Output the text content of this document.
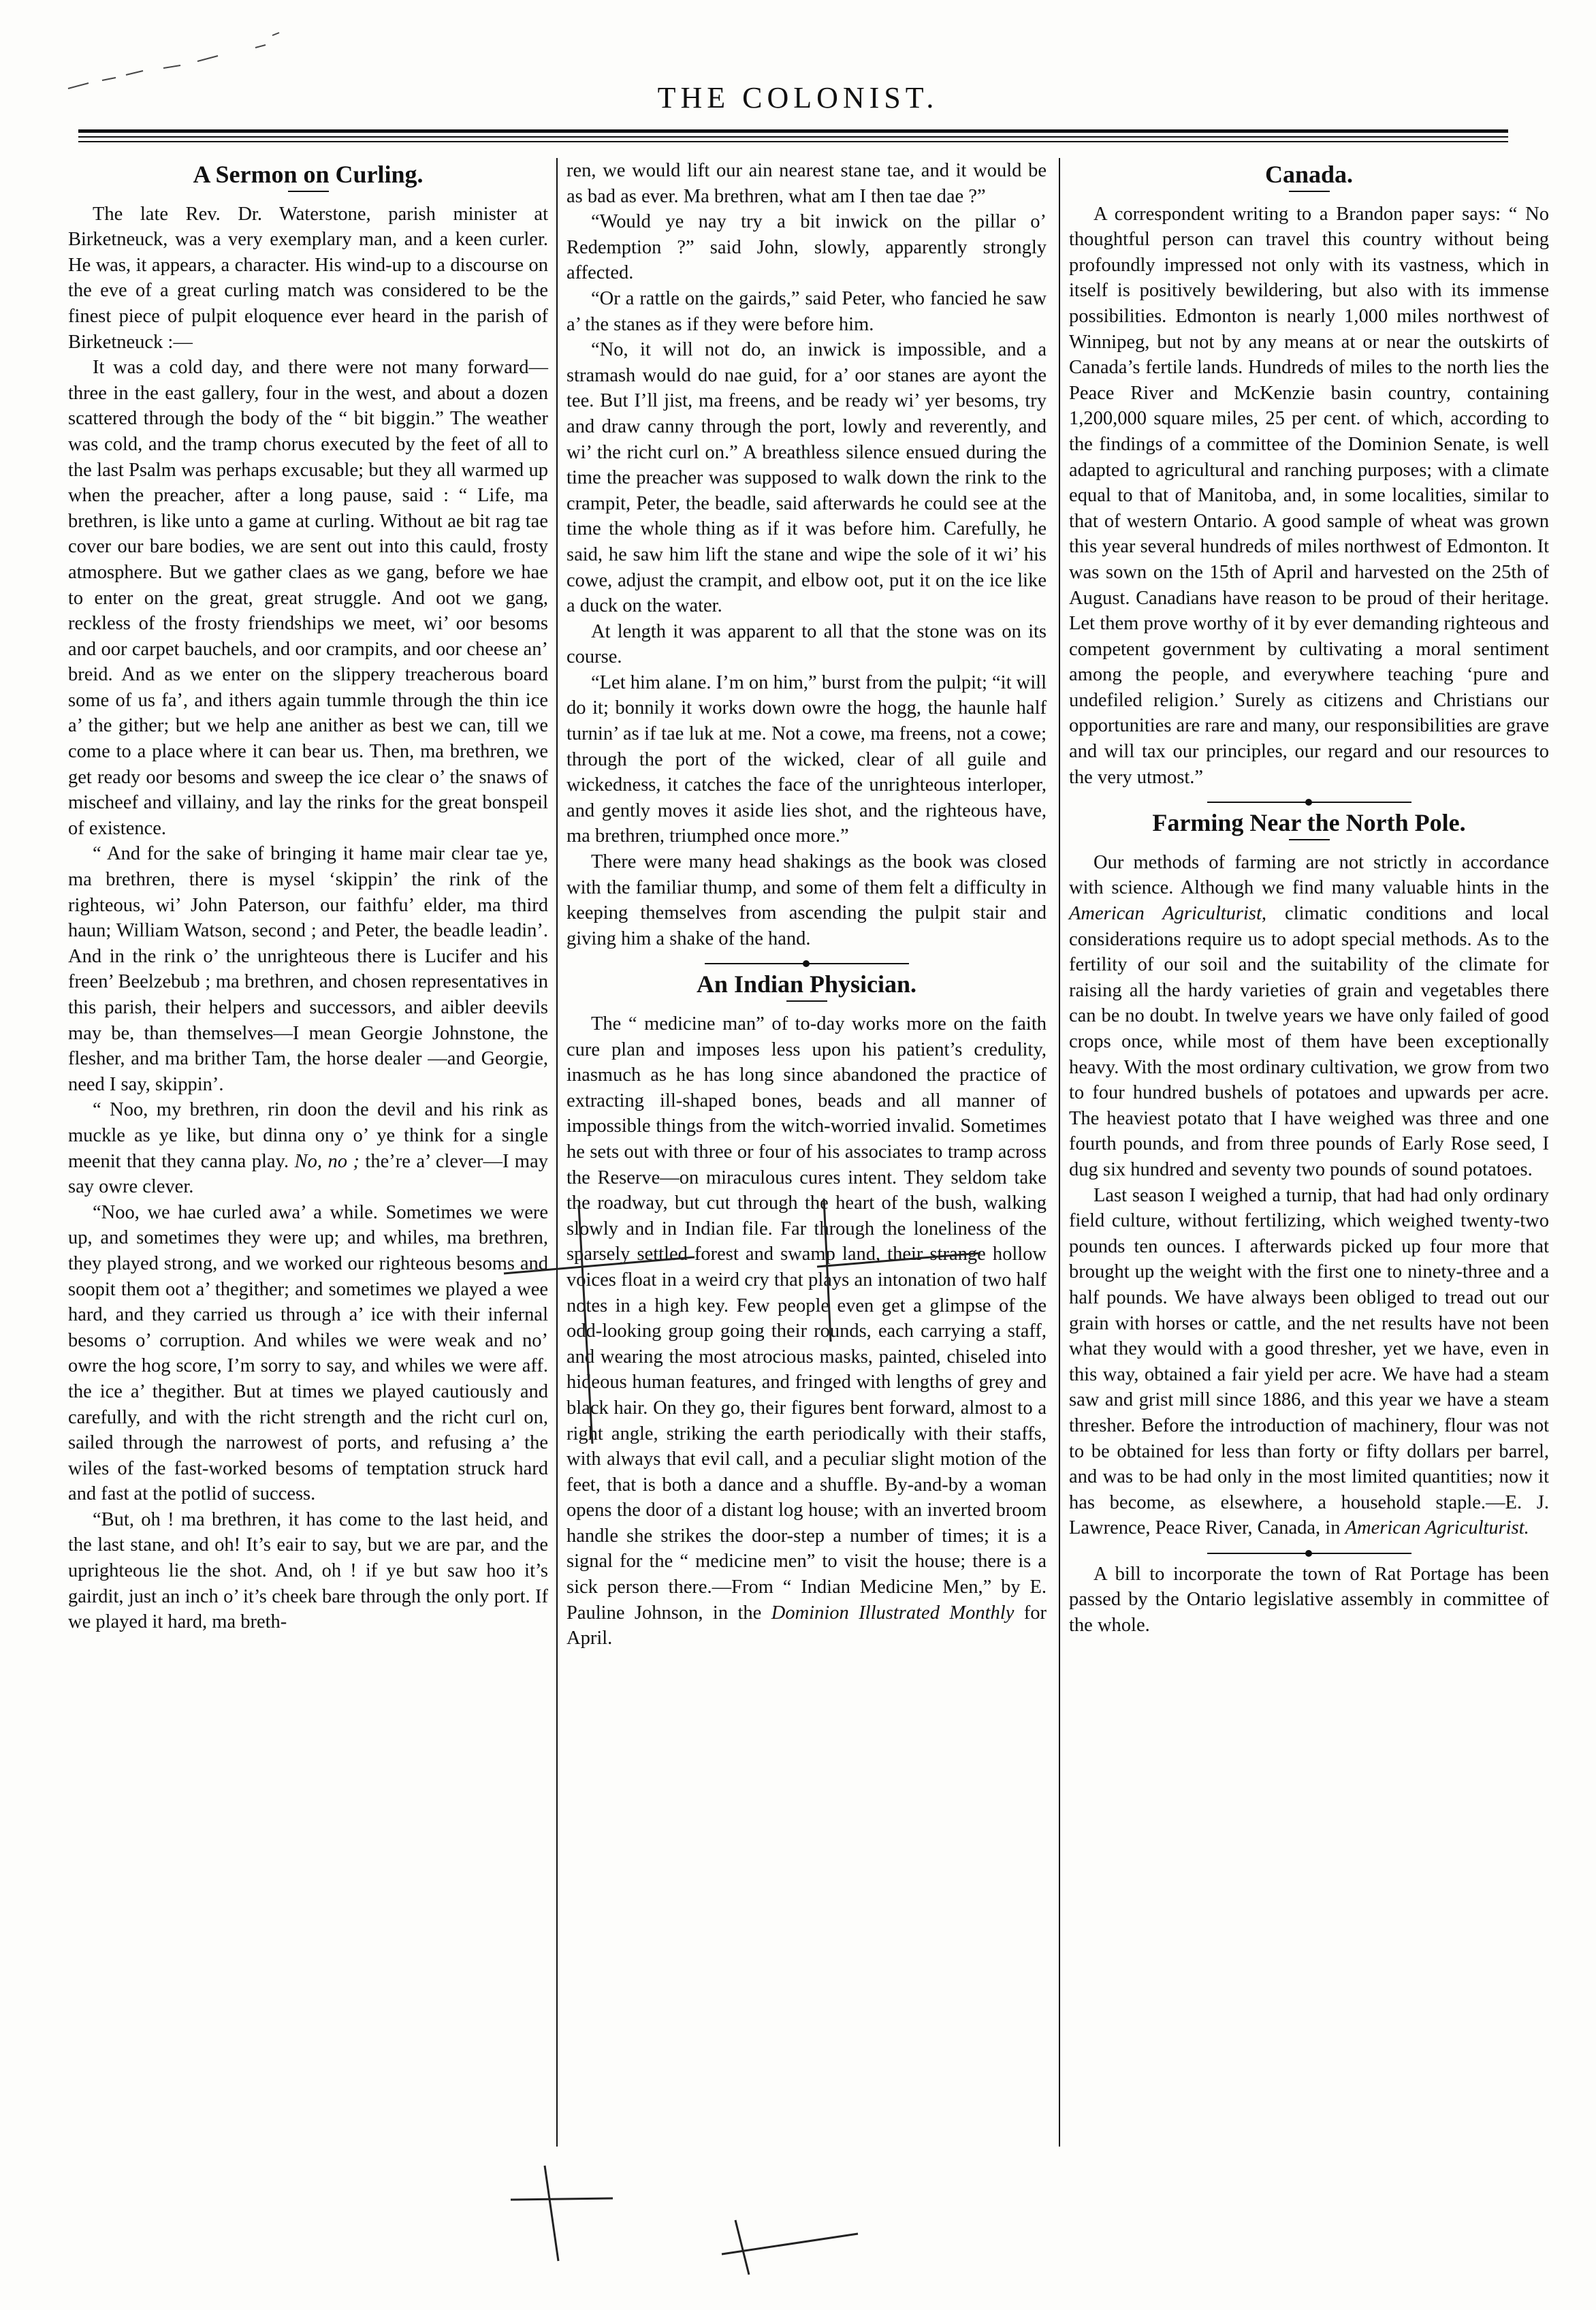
THE COLONIST.
A Sermon on Curling.

The late Rev. Dr. Waterstone, parish minister at Birketneuck, was a very exemplary man, and a keen curler. He was, it appears, a character. His wind-up to a discourse on the eve of a great curling match was considered to be the finest piece of pulpit eloquence ever heard in the parish of Birketneuck :—

It was a cold day, and there were not many forward—three in the east gallery, four in the west, and about a dozen scattered through the body of the “ bit biggin.” The weather was cold, and the tramp chorus executed by the feet of all to the last Psalm was perhaps excusable; but they all warmed up when the preacher, after a long pause, said : “ Life, ma brethren, is like unto a game at curling. Without ae bit rag tae cover our bare bodies, we are sent out into this cauld, frosty atmosphere. But we gather claes as we gang, before we hae to enter on the great, great struggle. And oot we gang, reckless of the frosty friendships we meet, wi’ oor besoms and oor carpet bauchels, and oor crampits, and oor cheese an’ breid. And as we enter on the slippery treacherous board some of us fa’, and ithers again tummle through the thin ice a’ the gither; but we help ane anither as best we can, till we come to a place where it can bear us. Then, ma brethren, we get ready oor besoms and sweep the ice clear o’ the snaws of mischeef and villainy, and lay the rinks for the great bonspeil of existence.

“ And for the sake of bringing it hame mair clear tae ye, ma brethren, there is mysel ‘skippin’ the rink of the righteous, wi’ John Paterson, our faithfu’ elder, ma third haun; William Watson, second ; and Peter, the beadle leadin’. And in the rink o’ the unrighteous there is Lucifer and his freen’ Beelzebub ; ma brethren, and chosen representatives in this parish, their helpers and successors, and aibler deevils may be, than themselves—I mean Georgie Johnstone, the flesher, and ma brither Tam, the horse dealer —and Georgie, need I say, skippin’.

“ Noo, my brethren, rin doon the devil and his rink as muckle as ye like, but dinna ony o’ ye think for a single meenit that they canna play. No, no ; the’re a’ clever—I may say owre clever.

“Noo, we hae curled awa’ a while. Sometimes we were up, and sometimes they were up; and whiles, ma brethren, they played strong, and we worked our righteous besoms and soopit them oot a’ thegither; and sometimes we played a wee hard, and they carried us through a’ ice with their infernal besoms o’ corruption. And whiles we were weak and no’ owre the hog score, I’m sorry to say, and whiles we were aff. the ice a’ thegither. But at times we played cautiously and carefully, and with the richt strength and the richt curl on, sailed through the narrowest of ports, and refusing a’ the wiles of the fast-worked besoms of temptation struck hard and fast at the potlid of success.

“But, oh ! ma brethren, it has come to the last heid, and the last stane, and oh! It’s eair to say, but we are par, and the uprighteous lie the shot. And, oh ! if ye but saw hoo it’s gairdit, just an inch o’ it’s cheek bare through the only port. If we played it hard, ma breth-

ren, we would lift our ain nearest stane tae, and it would be as bad as ever. Ma brethren, what am I then tae dae ?”

“Would ye nay try a bit inwick on the pillar o’ Redemption ?” said John, slowly, apparently strongly affected.

“Or a rattle on the gairds,” said Peter, who fancied he saw a’ the stanes as if they were before him.

“No, it will not do, an inwick is impossible, and a stramash would do nae guid, for a’ oor stanes are ayont the tee. But I’ll jist, ma freens, and be ready wi’ yer besoms, try and draw canny through the port, lowly and reverently, and wi’ the richt curl on.” A breathless silence ensued during the time the preacher was supposed to walk down the rink to the crampit, Peter, the beadle, said afterwards he could see at the time the whole thing as if it was before him. Carefully, he said, he saw him lift the stane and wipe the sole of it wi’ his cowe, adjust the crampit, and elbow oot, put it on the ice like a duck on the water.

At length it was apparent to all that the stone was on its course.

“Let him alane. I’m on him,” burst from the pulpit; “it will do it; bonnily it works down owre the hogg, the haunle half turnin’ as if tae luk at me. Not a cowe, ma freens, not a cowe; through the port of the wicked, clear of all guile and wickedness, it catches the face of the unrighteous interloper, and gently moves it aside lies shot, and the righteous have, ma brethren, triumphed once more.”

There were many head shakings as the book was closed with the familiar thump, and some of them felt a difficulty in keeping themselves from ascending the pulpit stair and giving him a shake of the hand.

An Indian Physician.

The “ medicine man” of to-day works more on the faith cure plan and imposes less upon his patient’s credulity, inasmuch as he has long since abandoned the practice of extracting ill-shaped bones, beads and all manner of impossible things from the witch-worried invalid. Sometimes he sets out with three or four of his associates to tramp across the Reserve—on miraculous cures intent. They seldom take the roadway, but cut through the heart of the bush, walking slowly and in Indian file. Far through the loneliness of the sparsely settled forest and swamp land, their strange hollow voices float in a weird cry that plays an intonation of two half notes in a high key. Few people even get a glimpse of the odd-looking group going their rounds, each carrying a staff, and wearing the most atrocious masks, painted, chiseled into hideous human features, and fringed with lengths of grey and black hair. On they go, their figures bent forward, almost to a right angle, striking the earth periodically with their staffs, with always that evil call, and a peculiar slight motion of the feet, that is both a dance and a shuffle. By-and-by a woman opens the door of a distant log house; with an inverted broom handle she strikes the door-step a number of times; it is a signal for the “ medicine men” to visit the house; there is a sick person there.—From “ Indian Medicine Men,” by E. Pauline Johnson, in the Dominion Illustrated Monthly for April.

Canada.

A correspondent writing to a Brandon paper says: “ No thoughtful person can travel this country without being profoundly impressed not only with its vastness, which in itself is positively bewildering, but also with its immense possibilities. Edmonton is nearly 1,000 miles northwest of Winnipeg, but not by any means at or near the outskirts of Canada’s fertile lands. Hundreds of miles to the north lies the Peace River and McKenzie basin country, containing 1,200,000 square miles, 25 per cent. of which, according to the findings of a committee of the Dominion Senate, is well adapted to agricultural and ranching purposes; with a climate equal to that of Manitoba, and, in some localities, similar to that of western Ontario. A good sample of wheat was grown this year several hundreds of miles northwest of Edmonton. It was sown on the 15th of April and harvested on the 25th of August. Canadians have reason to be proud of their heritage. Let them prove worthy of it by ever demanding righteous and competent government by cultivating a moral sentiment among the people, and everywhere teaching ‘pure and undefiled religion.’ Surely as citizens and Christians our opportunities are rare and many, our responsibilities are grave and will tax our principles, our regard and our resources to the very utmost.”

Farming Near the North Pole.

Our methods of farming are not strictly in accordance with science. Although we find many valuable hints in the American Agriculturist, climatic conditions and local considerations require us to adopt special methods. As to the fertility of our soil and the suitability of the climate for raising all the hardy varieties of grain and vegetables there can be no doubt. In twelve years we have only failed of good crops once, while most of them have been exceptionally heavy. With the most ordinary cultivation, we grow from two to four hundred bushels of potatoes and upwards per acre. The heaviest potato that I have weighed was three and one fourth pounds, and from three pounds of Early Rose seed, I dug six hundred and seventy two pounds of sound potatoes.

Last season I weighed a turnip, that had had only ordinary field culture, without fertilizing, which weighed twenty-two pounds ten ounces. I afterwards picked up four more that brought up the weight with the first one to ninety-three and a half pounds. We have always been obliged to tread out our grain with horses or cattle, and the net results have not been what they would with a good thresher, yet we have, even in this way, obtained a fair yield per acre. We have had a steam saw and grist mill since 1886, and this year we have a steam thresher. Before the introduction of machinery, flour was not to be obtained for less than forty or fifty dollars per barrel, and was to be had only in the most limited quantities; now it has become, as elsewhere, a household staple.—E. J. Lawrence, Peace River, Canada, in American Agriculturist.

A bill to incorporate the town of Rat Portage has been passed by the Ontario legislative assembly in committee of the whole.
